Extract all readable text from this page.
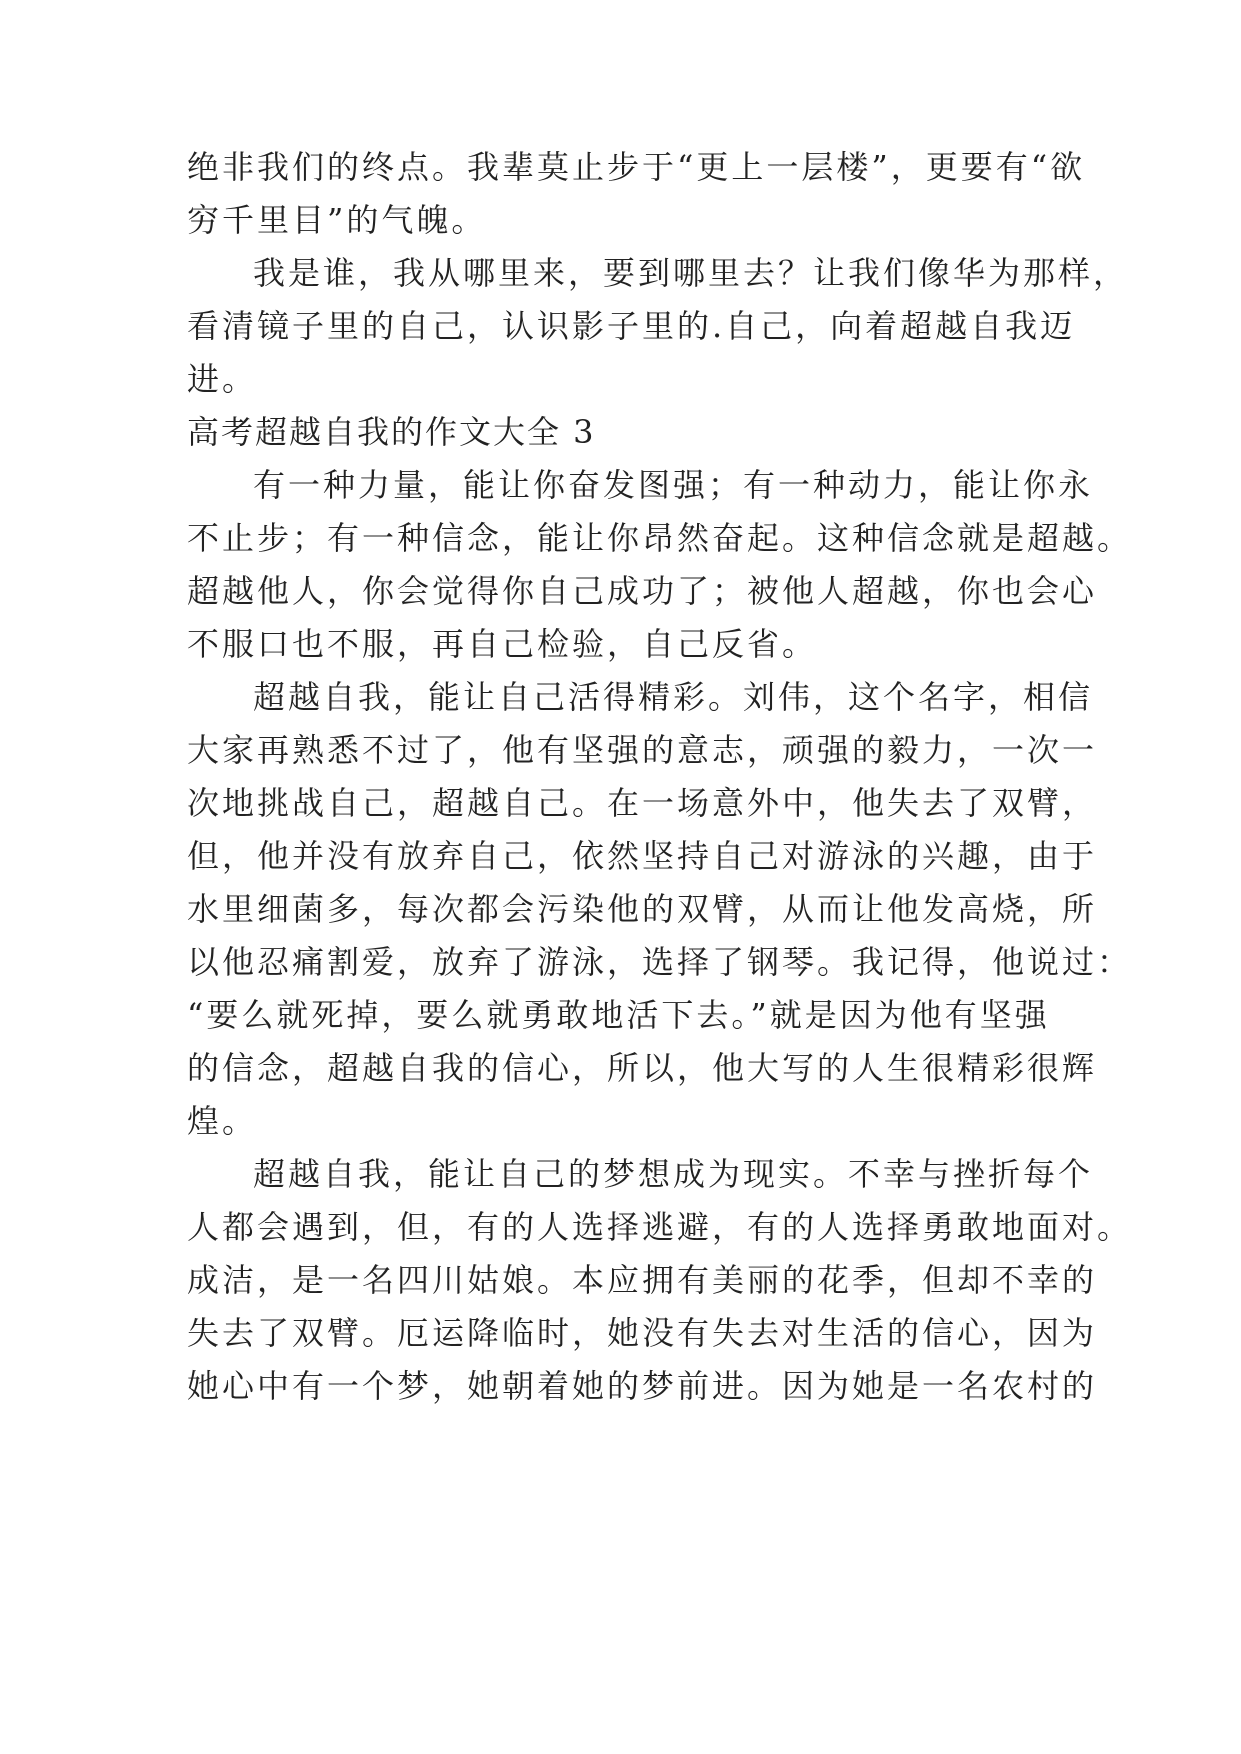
绝非我们的终点。我辈莫止步于“更上一层楼”，更要有“欲
穷千里目”的气魄。
我是谁，我从哪里来，要到哪里去？让我们像华为那样，
看清镜子里的自己，认识影子里的.自己，向着超越自我迈
进。
高考超越自我的作文大全 3
有一种力量，能让你奋发图强；有一种动力，能让你永
不止步；有一种信念，能让你昂然奋起。这种信念就是超越。
超越他人，你会觉得你自己成功了；被他人超越，你也会心
不服口也不服，再自己检验，自己反省。
超越自我，能让自己活得精彩。刘伟，这个名字，相信
大家再熟悉不过了，他有坚强的意志，顽强的毅力，一次一
次地挑战自己，超越自己。在一场意外中，他失去了双臂，
但，他并没有放弃自己，依然坚持自己对游泳的兴趣，由于
水里细菌多，每次都会污染他的双臂，从而让他发高烧，所
以他忍痛割爱，放弃了游泳，选择了钢琴。我记得，他说过：
“要么就死掉，要么就勇敢地活下去。”就是因为他有坚强
的信念，超越自我的信心，所以，他大写的人生很精彩很辉
煌。
超越自我，能让自己的梦想成为现实。不幸与挫折每个
人都会遇到，但，有的人选择逃避，有的人选择勇敢地面对。
成洁，是一名四川姑娘。本应拥有美丽的花季，但却不幸的
失去了双臂。厄运降临时，她没有失去对生活的信心，因为
她心中有一个梦，她朝着她的梦前进。因为她是一名农村的
